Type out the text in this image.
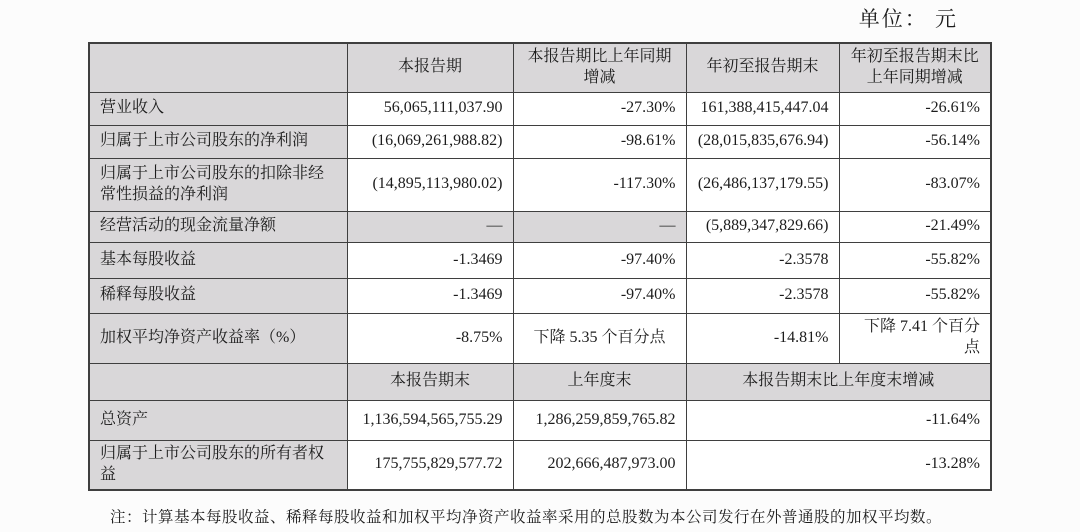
单位： 元
	本报告期	本报告期比上年同期增减	年初至报告期末	年初至报告期末比上年同期增减
营业收入	56,065,111,037.90	-27.30%	161,388,415,447.04	-26.61%
归属于上市公司股东的净利润	(16,069,261,988.82)	-98.61%	(28,015,835,676.94)	-56.14%
归属于上市公司股东的扣除非经常性损益的净利润	(14,895,113,980.02)	-117.30%	(26,486,137,179.55)	-83.07%
经营活动的现金流量净额	—	—	(5,889,347,829.66)	-21.49%
基本每股收益	-1.3469	-97.40%	-2.3578	-55.82%
稀释每股收益	-1.3469	-97.40%	-2.3578	-55.82%
加权平均净资产收益率（%）	-8.75%	下降 5.35 个百分点	-14.81%	下降 7.41 个百分点
	本报告期末	上年度末	本报告期末比上年度末增减	
总资产	1,136,594,565,755.29	1,286,259,859,765.82	-11.64%	
归属于上市公司股东的所有者权益	175,755,829,577.72	202,666,487,973.00	-13.28%	
注：计算基本每股收益、稀释每股收益和加权平均净资产收益率采用的总股数为本公司发行在外普通股的加权平均数。
